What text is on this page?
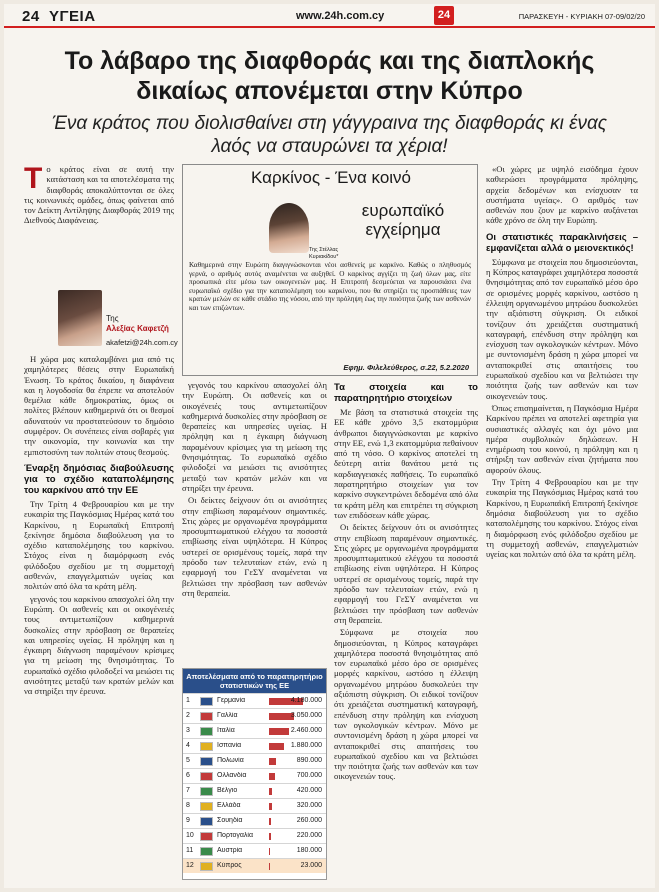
24 ΥΓΕΙΑ	www.24h.com.cy	24	ΠΑΡΑΣΚΕΥΗ - ΚΥΡΙΑΚΗ 07-09/02/20
Το λάβαρο της διαφθοράς και της διαπλοκής δικαίως απονέμεται στην Κύπρο
Ένα κράτος που διολισθαίνει στη γάγγραινα της διαφθοράς κι ένας λαός να σταυρώνει τα χέρια!
Τ ο κράτος είναι σε αυτή την κατάσταση και τα αποτελέσματα της διαφθοράς αποκαλύπτονται σε όλες τις κοινωνικές ομάδες, όπως φαίνεται από τον Δείκτη Αντίληψης Διαφθοράς 2019 της Διεθνούς Διαφάνειας.
Της
Αλεξίας Καφετζή
akafetzi@24h.com.cy

Η χώρα μας καταλαμβάνει μια από τις χαμηλότερες θέσεις στην Ευρωπαϊκή Ένωση. Το κράτος δικαίου, η διαφάνεια και η λογοδοσία θα έπρεπε να αποτελούν θεμέλια κάθε δημοκρατίας, όμως οι πολίτες βλέπουν καθημερινά ότι οι θεσμοί αδυνατούν να προστατεύσουν το δημόσιο συμφέρον. Οι συνέπειες είναι σοβαρές για την οικονομία, την κοινωνία και την εμπιστοσύνη των πολιτών στους θεσμούς.

Έναρξη δημόσιας διαβούλευσης για το σχέδιο καταπολέμησης του καρκίνου από την ΕΕ

Την Τρίτη 4 Φεβρουαρίου και με την ευκαιρία της Παγκόσμιας Ημέρας κατά του Καρκίνου, η Ευρωπαϊκή Επιτροπή ξεκίνησε δημόσια διαβούλευση για το σχέδιο καταπολέμησης του καρκίνου. Στόχος είναι η διαμόρφωση ενός φιλόδοξου σχεδίου με τη συμμετοχή ασθενών, επαγγελματιών υγείας και πολιτών από όλα τα κράτη μέλη.

γεγονός του καρκίνου απασχολεί όλη την Ευρώπη. Οι ασθενείς και οι οικογένειές τους αντιμετωπίζουν καθημερινά δυσκολίες στην πρόσβαση σε θεραπείες και υπηρεσίες υγείας. Η πρόληψη και η έγκαιρη διάγνωση παραμένουν κρίσιμες για τη μείωση της θνησιμότητας. Το ευρωπαϊκό σχέδιο φιλοδοξεί να μειώσει τις ανισότητες μεταξύ των κρατών μελών και να στηρίξει την έρευνα.

Καρκίνος - Ένα κοινό
ευρωπαϊκό εγχείρημα
Της Στέλλας Κυριακίδου*
Καθημερινά στην Ευρώπη διαγιγνώσκονται νέοι ασθενείς με καρκίνο. Καθώς ο πληθυσμός γερνά, ο αριθμός αυτός αναμένεται να αυξηθεί. Ο καρκίνος αγγίζει τη ζωή όλων μας, είτε προσωπικά είτε μέσω των οικογενειών μας. Η Επιτροπή δεσμεύεται να παρουσιάσει ένα ευρωπαϊκό σχέδιο για την καταπολέμηση του καρκίνου, που θα στηρίζει τις προσπάθειες των κρατών μελών σε κάθε στάδιο της νόσου, από την πρόληψη έως την ποιότητα ζωής των ασθενών και των επιζώντων.
Εφημ. Φιλελεύθερος, σ.22, 5.2.2020

γεγονός του καρκίνου απασχολεί όλη την Ευρώπη. Οι ασθενείς και οι οικογένειές τους αντιμετωπίζουν καθημερινά δυσκολίες στην πρόσβαση σε θεραπείες και υπηρεσίες υγείας. Η πρόληψη και η έγκαιρη διάγνωση παραμένουν κρίσιμες για τη μείωση της θνησιμότητας. Το ευρωπαϊκό σχέδιο φιλοδοξεί να μειώσει τις ανισότητες μεταξύ των κρατών μελών και να στηρίξει την έρευνα.

Οι δείκτες δείχνουν ότι οι ανισότητες στην επιβίωση παραμένουν σημαντικές. Στις χώρες με οργανωμένα προγράμματα προσυμπτωματικού ελέγχου τα ποσοστά επιβίωσης είναι υψηλότερα. Η Κύπρος υστερεί σε ορισμένους τομείς, παρά την πρόοδο των τελευταίων ετών, ενώ η εφαρμογή του ΓεΣΥ αναμένεται να βελτιώσει την πρόσβαση των ασθενών στη θεραπεία.

Τα στοιχεία και το παρατηρητήριο στοιχείων

Με βάση τα στατιστικά στοιχεία της ΕΕ κάθε χρόνο 3,5 εκατομμύρια άνθρωποι διαγιγνώσκονται με καρκίνο στην ΕΕ, ενώ 1,3 εκατομμύρια πεθαίνουν από τη νόσο. Ο καρκίνος αποτελεί τη δεύτερη αιτία θανάτου μετά τις καρδιαγγειακές παθήσεις. Το ευρωπαϊκό παρατηρητήριο στοιχείων για τον καρκίνο συγκεντρώνει δεδομένα από όλα τα κράτη μέλη και επιτρέπει τη σύγκριση των επιδόσεων κάθε χώρας.

Οι δείκτες δείχνουν ότι οι ανισότητες στην επιβίωση παραμένουν σημαντικές. Στις χώρες με οργανωμένα προγράμματα προσυμπτωματικού ελέγχου τα ποσοστά επιβίωσης είναι υψηλότερα. Η Κύπρος υστερεί σε ορισμένους τομείς, παρά την πρόοδο των τελευταίων ετών, ενώ η εφαρμογή του ΓεΣΥ αναμένεται να βελτιώσει την πρόσβαση των ασθενών στη θεραπεία.

Σύμφωνα με στοιχεία που δημοσιεύονται, η Κύπρος καταγράφει χαμηλότερα ποσοστά θνησιμότητας από τον ευρωπαϊκό μέσο όρο σε ορισμένες μορφές καρκίνου, ωστόσο η έλλειψη οργανωμένου μητρώου δυσκολεύει την αξιόπιστη σύγκριση. Οι ειδικοί τονίζουν ότι χρειάζεται συστηματική καταγραφή, επένδυση στην πρόληψη και ενίσχυση των ογκολογικών κέντρων. Μόνο με συντονισμένη δράση η χώρα μπορεί να ανταποκριθεί στις απαιτήσεις του ευρωπαϊκού σχεδίου και να βελτιώσει την ποιότητα ζωής των ασθενών και των οικογενειών τους.

«Οι χώρες με υψηλό εισόδημα έχουν καθιερώσει προγράμματα πρόληψης, αρχεία δεδομένων και ενίσχυσαν τα συστήματα υγείας». Ο αριθμός των ασθενών που ζουν με καρκίνο αυξάνεται κάθε χρόνο σε όλη την Ευρώπη.

Οι στατιστικές παρακλινήσεις – εμφανίζεται αλλά ο μειονεκτικός!

Σύμφωνα με στοιχεία που δημοσιεύονται, η Κύπρος καταγράφει χαμηλότερα ποσοστά θνησιμότητας από τον ευρωπαϊκό μέσο όρο σε ορισμένες μορφές καρκίνου, ωστόσο η έλλειψη οργανωμένου μητρώου δυσκολεύει την αξιόπιστη σύγκριση. Οι ειδικοί τονίζουν ότι χρειάζεται συστηματική καταγραφή, επένδυση στην πρόληψη και ενίσχυση των ογκολογικών κέντρων. Μόνο με συντονισμένη δράση η χώρα μπορεί να ανταποκριθεί στις απαιτήσεις του ευρωπαϊκού σχεδίου και να βελτιώσει την ποιότητα ζωής των ασθενών και των οικογενειών τους.

Όπως επισημαίνεται, η Παγκόσμια Ημέρα Καρκίνου πρέπει να αποτελεί αφετηρία για ουσιαστικές αλλαγές και όχι μόνο μια ημέρα συμβολικών δηλώσεων. Η ενημέρωση του κοινού, η πρόληψη και η στήριξη των ασθενών είναι ζητήματα που αφορούν όλους.

Την Τρίτη 4 Φεβρουαρίου και με την ευκαιρία της Παγκόσμιας Ημέρας κατά του Καρκίνου, η Ευρωπαϊκή Επιτροπή ξεκίνησε δημόσια διαβούλευση για το σχέδιο καταπολέμησης του καρκίνου. Στόχος είναι η διαμόρφωση ενός φιλόδοξου σχεδίου με τη συμμετοχή ασθενών, επαγγελματιών υγείας και πολιτών από όλα τα κράτη μέλη.

Αποτελέσματα από το παρατηρητήριο στατιστικών της ΕΕ
1	Γερμανία	4.180.000
2	Γαλλία	3.050.000
3	Ιταλία	2.460.000
4	Ισπανία	1.880.000
5	Πολωνία	890.000
6	Ολλανδία	700.000
7	Βέλγιο	420.000
8	Ελλάδα	320.000
9	Σουηδία	260.000
10	Πορτογαλία	220.000
11	Αυστρία	180.000
12	Κύπρος	23.000
